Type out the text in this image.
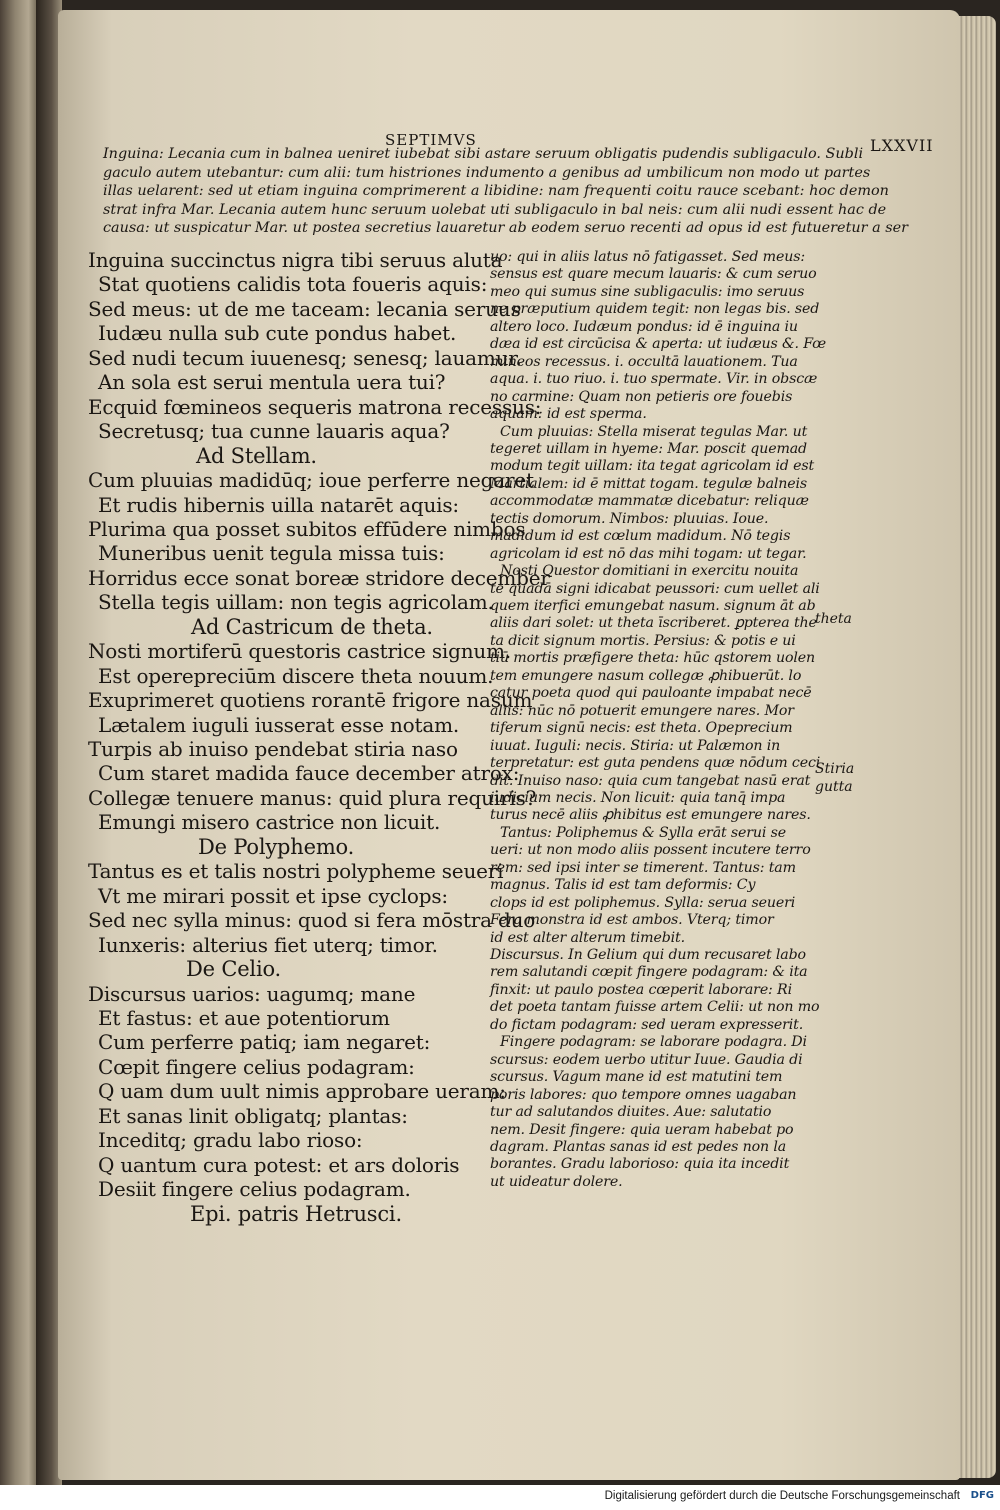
SEPTIMVS	LXXVII
Inguina: Lecania cum in balnea ueniret iubebat sibi astare seruum obligatis pudendis subligaculo. Subli
gaculo autem utebantur: cum alii: tum histriones indumento a genibus ad umbilicum non modo ut partes
illas uelarent: sed ut etiam inguina comprimerent a libidine: nam frequenti coitu rauce scebant: hoc demon
strat infra Mar. Lecania autem hunc seruum uolebat uti subligaculo in bal neis: cum alii nudi essent hac de
causa: ut suspicatur Mar. ut postea secretius lauaretur ab eodem seruo recenti ad opus id est futueretur a ser
Inguina succinctus nigra tibi seruus aluta
Stat quotiens calidis tota foueris aquis:
Sed meus: ut de me taceam: lecania seruus
Iudæu nulla sub cute pondus habet.
Sed nudi tecum iuuenesq; senesq; lauamur.
An sola est serui mentula uera tui?
Ecquid fœmineos sequeris matrona recessus:
Secretusq; tua cunne lauaris aqua?
Ad Stellam.
Cum pluuias madidūq; ioue perferre negaret
Et rudis hibernis uilla natarēt aquis:
Plurima qua posset subitos effūdere nimbos
Muneribus uenit tegula missa tuis:
Horridus ecce sonat boreæ stridore december
Stella tegis uillam: non tegis agricolam.
Ad Castricum de theta.
Nosti mortiferū questoris castrice signum.
Est operepreciūm discere theta nouum.
Exuprimeret quotiens rorantē frigore nasum
Lætalem iuguli iusserat esse notam.
Turpis ab inuiso pendebat stiria naso
Cum staret madida fauce december atrox:
Collegæ tenuere manus: quid plura requiris?
Emungi misero castrice non licuit.
De Polyphemo.
Tantus es et talis nostri polypheme seueri
Vt me mirari possit et ipse cyclops:
Sed nec sylla minus: quod si fera mōstra duo
Iunxeris: alterius fiet uterq; timor.
De Celio.
Discursus uarios: uagumq; mane
Et fastus: et aue potentiorum
Cum perferre patiq; iam negaret:
Cœpit fingere celius podagram:
Q uam dum uult nimis approbare ueram:
Et sanas linit obligatq; plantas:
Inceditq; gradu labo rioso:
Q uantum cura potest: et ars doloris
Desiit fingere celius podagram.
Epi. patris Hetrusci.
uo: qui in aliis latus nō fatigasset. Sed meus:
sensus est quare mecum lauaris: & cum seruo
meo qui sumus sine subligaculis: imo seruus
ne præputium quidem tegit: non legas bis. sed
altero loco. Iudæum pondus: id ē inguina iu
dæa id est circūcisa & aperta: ut iudæus &. Fœ
mineos recessus. i. occultā lauationem. Tua
aqua. i. tuo riuo. i. tuo spermate. Vir. in obscæ
no carmine: Quam non petieris ore fouebis
aquam: id est sperma.
Cum pluuias: Stella miserat tegulas Mar. ut
tegeret uillam in hyeme: Mar. poscit quemad
modum tegit uillam: ita tegat agricolam id est
Martialem: id ē mittat togam. tegulæ balneis
accommodatæ mammatæ dicebatur: reliquæ
tectis domorum. Nimbos: pluuias. Ioue.
madidum id est cœlum madidum. Nō tegis
agricolam id est nō das mihi togam: ut tegar.
Nosti Questor domitiani in exercitu nouita
te quadā signi idicabat peussori: cum uellet ali
quem iterfici emungebat nasum. signum āt ab
aliis dari solet: ut theta īscriberet. ꝑpterea the
ta dicit signum mortis. Persius: & potis e ui
tiū mortis præfigere theta: hūc qstorem uolen
tem emungere nasum collegæ ꝓhibuerūt. lo
catur poeta quod qui pauloante impabat necē
aliis: nūc nō potuerit emungere nares. Mor
tiferum signū necis: est theta. Opeprecium
iuuat. Iuguli: necis. Stiria: ut Palæmon in
terpretatur: est guta pendens quæ nōdum ceci
dit. Inuiso naso: quia cum tangebat nasū erat
iudicium necis. Non licuit: quia tanq̄ impa
turus necē aliis ꝓhibitus est emungere nares.
Tantus: Poliphemus & Sylla erāt serui se
ueri: ut non modo aliis possent incutere terro
rem: sed ipsi inter se timerent. Tantus: tam
magnus. Talis id est tam deformis: Cy
clops id est poliphemus. Sylla: serua seueri
Fera monstra id est ambos. Vterq; timor
id est alter alterum timebit.
Discursus. In Gelium qui dum recusaret labo
rem salutandi cœpit fingere podagram: & ita
finxit: ut paulo postea cœperit laborare: Ri
det poeta tantam fuisse artem Celii: ut non mo
do fictam podagram: sed ueram expresserit.
Fingere podagram: se laborare podagra. Di
scursus: eodem uerbo utitur Iuue. Gaudia di
scursus. Vagum mane id est matutini tem
poris labores: quo tempore omnes uagaban
tur ad salutandos diuites. Aue: salutatio
nem. Desit fingere: quia ueram habebat po
dagram. Plantas sanas id est pedes non la
borantes. Gradu laborioso: quia ita incedit
ut uideatur dolere.
theta
Stiria
gutta
Digitalisierung gefördert durch die Deutsche Forschungsgemeinschaft DFG
